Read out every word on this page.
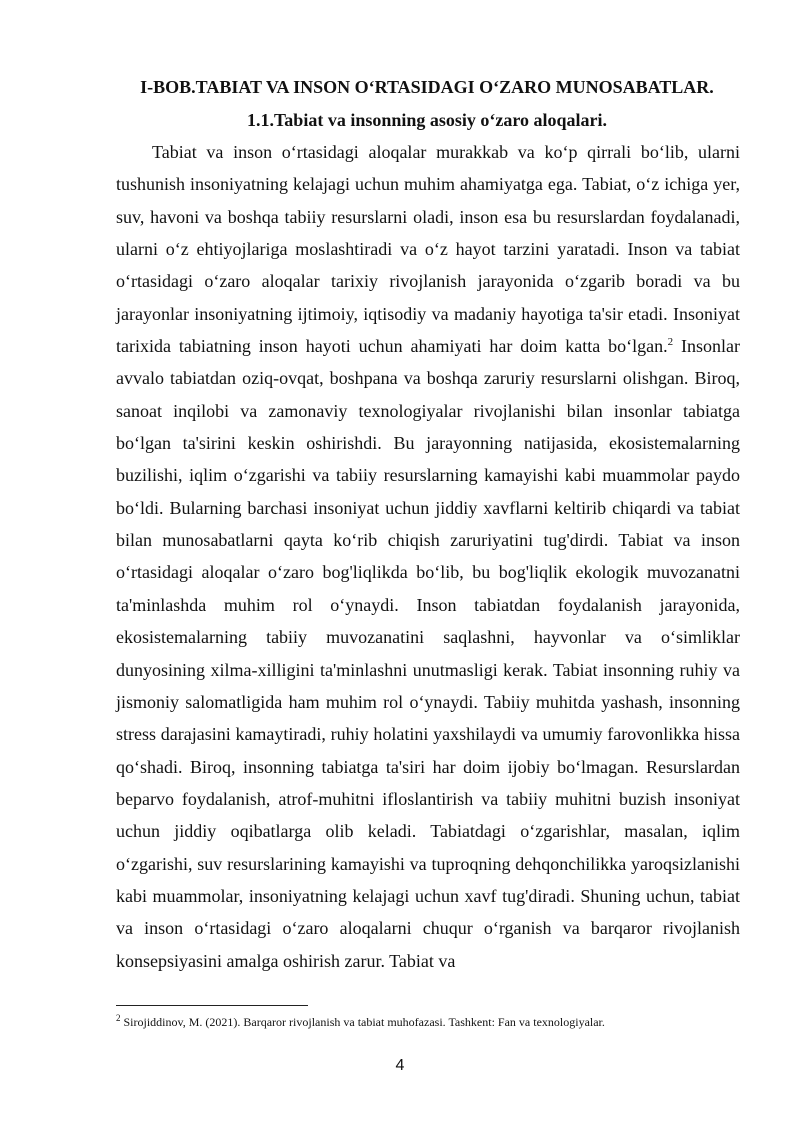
I-BOB.TABIAT VA INSON O‘RTASIDAGI O‘ZARO MUNOSABATLAR.
1.1.Tabiat va insonning asosiy o‘zaro aloqalari.

Tabiat va inson o‘rtasidagi aloqalar murakkab va ko‘p qirrali bo‘lib, ularni tushunish insoniyatning kelajagi uchun muhim ahamiyatga ega. Tabiat, o‘z ichiga yer, suv, havoni va boshqa tabiiy resurslarni oladi, inson esa bu resurslardan foydalanadi, ularni o‘z ehtiyojlariga moslashtiradi va o‘z hayot tarzini yaratadi. Inson va tabiat o‘rtasidagi o‘zaro aloqalar tarixiy rivojlanish jarayonida o‘zgarib boradi va bu jarayonlar insoniyatning ijtimoiy, iqtisodiy va madaniy hayotiga ta'sir etadi. Insoniyat tarixida tabiatning inson hayoti uchun ahamiyati har doim katta bo‘lgan.$^2$ Insonlar avvalo tabiatdan oziq-ovqat, boshpana va boshqa zaruriy resurslarni olishgan. Biroq, sanoat inqilobi va zamonaviy texnologiyalar rivojlanishi bilan insonlar tabiatga bo‘lgan ta'sirini keskin oshirishdi. Bu jarayonning natijasida, ekosistemalarning buzilishi, iqlim o‘zgarishi va tabiiy resurslarning kamayishi kabi muammolar paydo bo‘ldi. Bularning barchasi insoniyat uchun jiddiy xavflarni keltirib chiqardi va tabiat bilan munosabatlarni qayta ko‘rib chiqish zaruriyatini tug'dirdi. Tabiat va inson o‘rtasidagi aloqalar o‘zaro bog'liqlikda bo‘lib, bu bog'liqlik ekologik muvozanatni ta'minlashda muhim rol o‘ynaydi. Inson tabiatdan foydalanish jarayonida, ekosistemalarning tabiiy muvozanatini saqlashni, hayvonlar va o‘simliklar dunyosining xilma-xilligini ta'minlashni unutmasligi kerak. Tabiat insonning ruhiy va jismoniy salomatligida ham muhim rol o‘ynaydi. Tabiiy muhitda yashash, insonning stress darajasini kamaytiradi, ruhiy holatini yaxshilaydi va umumiy farovonlikka hissa qo‘shadi. Biroq, insonning tabiatga ta'siri har doim ijobiy bo‘lmagan. Resurslardan beparvo foydalanish, atrof-muhitni ifloslantirish va tabiiy muhitni buzish insoniyat uchun jiddiy oqibatlarga olib keladi. Tabiatdagi o‘zgarishlar, masalan, iqlim o‘zgarishi, suv resurslarining kamayishi va tuproqning dehqonchilikka yaroqsizlanishi kabi muammolar, insoniyatning kelajagi uchun xavf tug'diradi. Shuning uchun, tabiat va inson o‘rtasidagi o‘zaro aloqalarni chuqur o‘rganish va barqaror rivojlanish konsepsiyasini amalga oshirish zarur. Tabiat va

$^2$ Sirojiddinov, M. (2021). Barqaror rivojlanish va tabiat muhofazasi. Tashkent: Fan va texnologiyalar.

4
